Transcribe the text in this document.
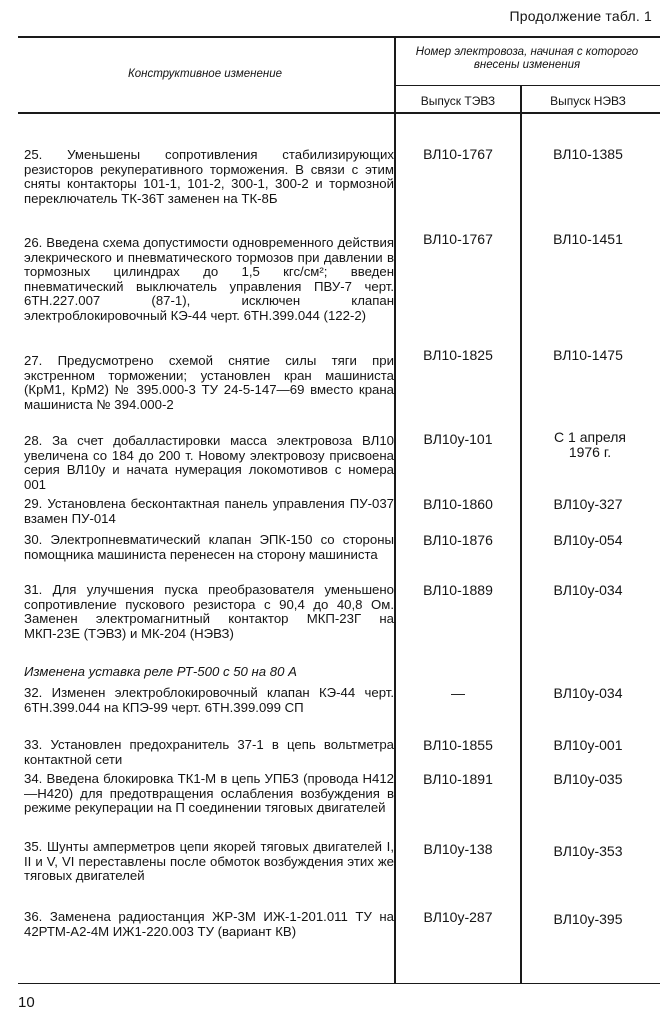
Продолжение табл. 1
Конструктивное изменение
Номер электровоза, начиная с которого внесены изменения
Выпуск ТЭВЗ	Выпуск НЭВЗ
25. Уменьшены сопротивления стабилизирующих резисторов рекуперативного торможения. В связи с этим сняты контакторы 101-1, 101-2, 300-1, 300-2 и тормозной переключатель ТК-36Т заменен на ТК-8Б
ВЛ10-1767	ВЛ10-1385
26. Введена схема допустимости одновременного действия элекрического и пневматического тормозов при давлении в тормозных цилиндрах до 1,5 кгс/см²; введен пневматический выключатель управления ПВУ-7 черт. 6ТН.227.007 (87-1), исключен клапан электроблокировочный КЭ-44 черт. 6ТН.399.044 (122-2)
ВЛ10-1767	ВЛ10-1451
27. Предусмотрено схемой снятие силы тяги при экстренном торможении; установлен кран машиниста (КрМ1, КрМ2) № 395.000-3 ТУ 24-5-147—69 вместо крана машиниста № 394.000-2
ВЛ10-1825	ВЛ10-1475
28. За счет добалластировки масса электровоза ВЛ10 увеличена со 184 до 200 т. Новому электровозу присвоена серия ВЛ10у и начата нумерация локомотивов с номера 001
ВЛ10у-101	С 1 апреля 1976 г.
29. Установлена бесконтактная панель управления ПУ-037 взамен ПУ-014
ВЛ10-1860	ВЛ10у-327
30. Электропневматический клапан ЭПК-150 со стороны помощника машиниста перенесен на сторону машиниста
ВЛ10-1876	ВЛ10у-054
31. Для улучшения пуска преобразователя уменьшено сопротивление пускового резистора с 90,4 до 40,8 Ом. Заменен электромагнитный контактор МКП-23Г на МКП-23Е (ТЭВЗ) и МК-204 (НЭВЗ)
Изменена уставка реле РТ-500 с 50 на 80 А
ВЛ10-1889	ВЛ10у-034
32. Изменен электроблокировочный клапан КЭ-44 черт. 6ТН.399.044 на КПЭ-99 черт. 6ТН.399.099 СП
—	ВЛ10у-034
33. Установлен предохранитель 37-1 в цепь вольтметра контактной сети
ВЛ10-1855	ВЛ10у-001
34. Введена блокировка ТК1-М в цепь УПБЗ (провода Н412—Н420) для предотвращения ослабления возбуждения в режиме рекуперации на П соединении тяговых двигателей
ВЛ10-1891	ВЛ10у-035
35. Шунты амперметров цепи якорей тяговых двигателей I, II и V, VI переставлены после обмоток возбуждения этих же тяговых двигателей
ВЛ10у-138	ВЛ10у-353
36. Заменена радиостанция ЖР-3М ИЖ-1-201.011 ТУ на 42РТМ-А2-4М ИЖ1-220.003 ТУ (вариант КВ)
ВЛ10у-287	ВЛ10у-395
10
